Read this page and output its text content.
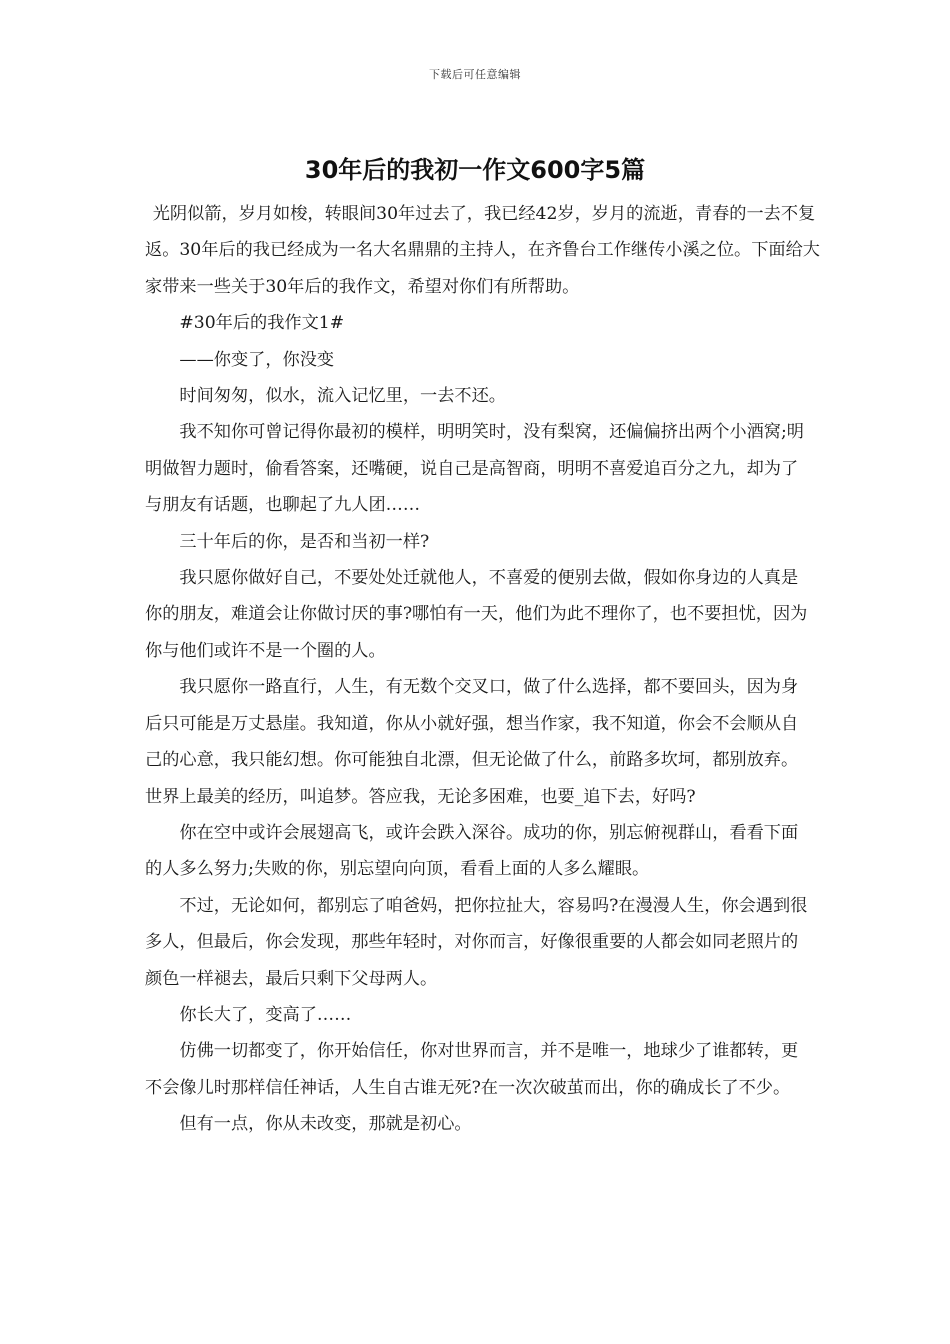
下载后可任意编辑
30年后的我初一作文600字5篇

光阴似箭，岁月如梭，转眼间30年过去了，我已经42岁，岁月的流逝，青春的一去不复返。30年后的我已经成为一名大名鼎鼎的主持人，在齐鲁台工作继传小溪之位。下面给大家带来一些关于30年后的我作文，希望对你们有所帮助。

#30年后的我作文1#

——你变了，你没变

时间匆匆，似水，流入记忆里，一去不还。

我不知你可曾记得你最初的模样，明明笑时，没有梨窝，还偏偏挤出两个小酒窝;明明做智力题时，偷看答案，还嘴硬，说自己是高智商，明明不喜爱追百分之九，却为了与朋友有话题，也聊起了九人团……

三十年后的你，是否和当初一样?

我只愿你做好自己，不要处处迁就他人，不喜爱的便别去做，假如你身边的人真是你的朋友，难道会让你做讨厌的事?哪怕有一天，他们为此不理你了，也不要担忧，因为你与他们或许不是一个圈的人。

我只愿你一路直行，人生，有无数个交叉口，做了什么选择，都不要回头，因为身后只可能是万丈悬崖。我知道，你从小就好强，想当作家，我不知道，你会不会顺从自己的心意，我只能幻想。你可能独自北漂，但无论做了什么，前路多坎坷，都别放弃。世界上最美的经历，叫追梦。答应我，无论多困难，也要_追下去，好吗?

你在空中或许会展翅高飞，或许会跌入深谷。成功的你，别忘俯视群山，看看下面的人多么努力;失败的你，别忘望向向顶，看看上面的人多么耀眼。

不过，无论如何，都别忘了咱爸妈，把你拉扯大，容易吗?在漫漫人生，你会遇到很多人，但最后，你会发现，那些年轻时，对你而言，好像很重要的人都会如同老照片的颜色一样褪去，最后只剩下父母两人。

你长大了，变高了……

仿佛一切都变了，你开始信任，你对世界而言，并不是唯一，地球少了谁都转，更不会像儿时那样信任神话，人生自古谁无死?在一次次破茧而出，你的确成长了不少。

但有一点，你从未改变，那就是初心。
